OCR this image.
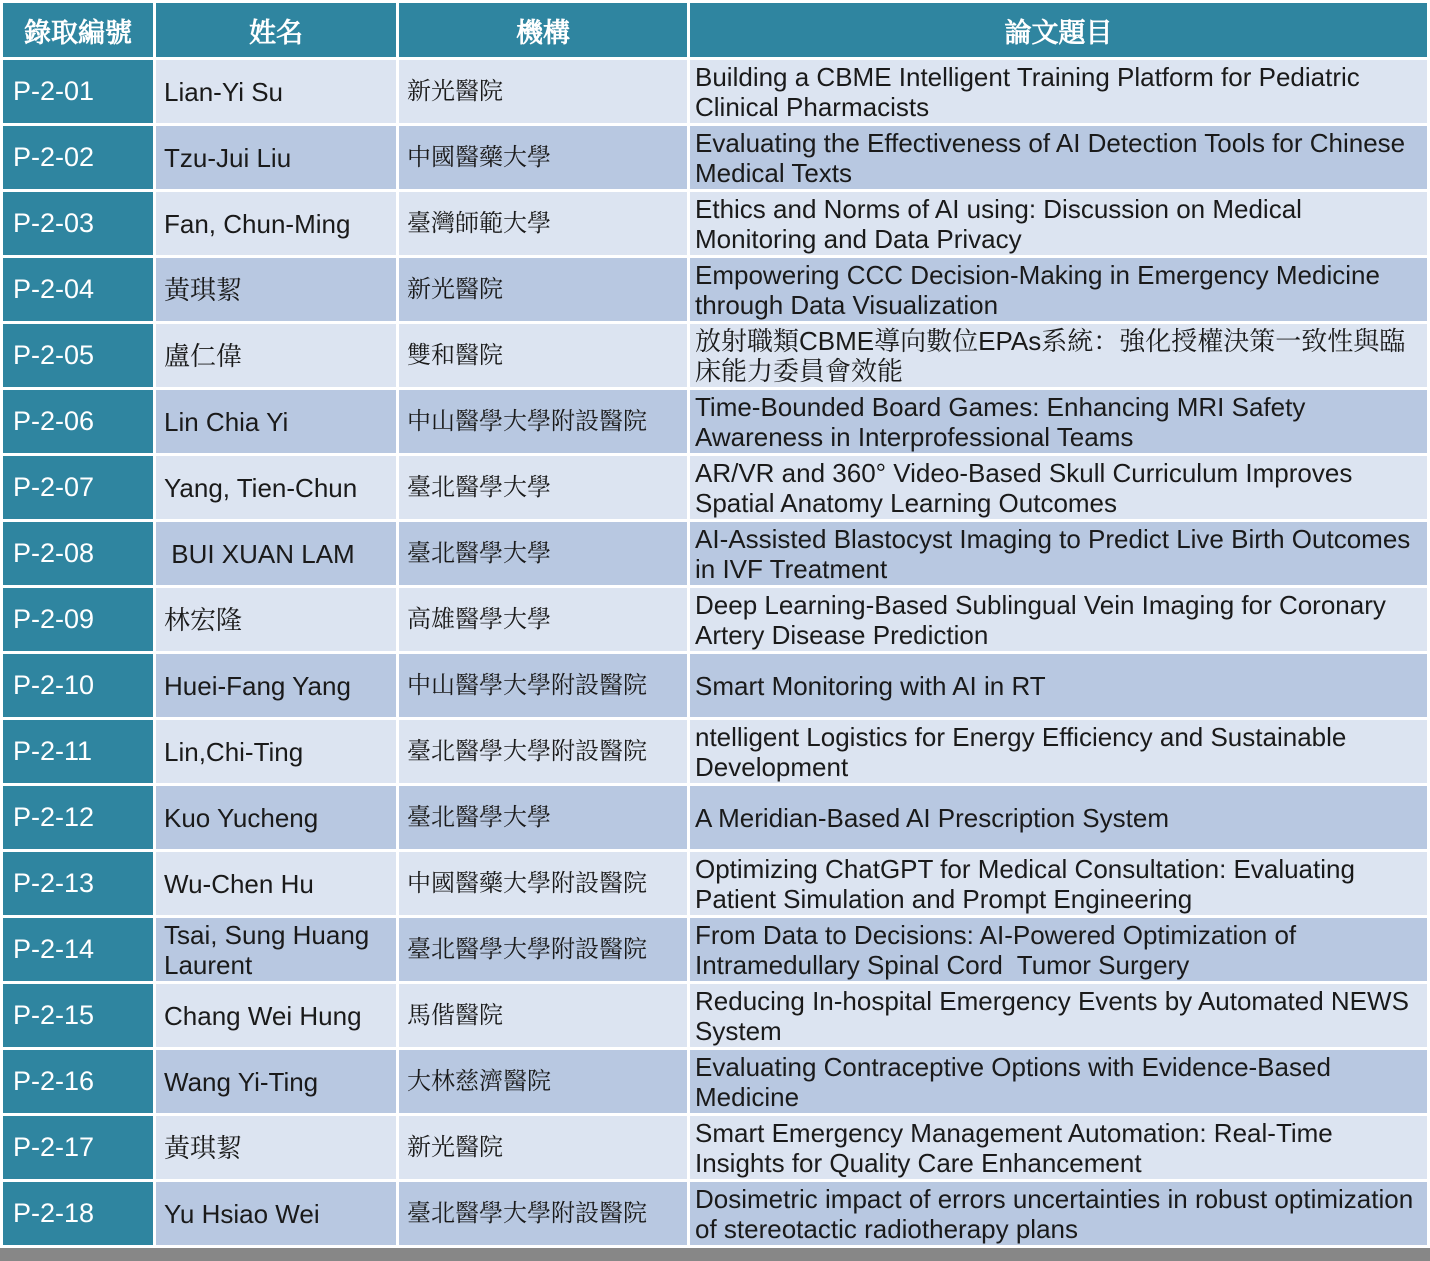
錄取編號	姓名	機構	論文題目
P-2-01	Lian-Yi Su	新光醫院	Building a CBME Intelligent Training Platform for Pediatric Clinical Pharmacists
P-2-02	Tzu-Jui Liu	中國醫藥大學	Evaluating the Effectiveness of AI Detection Tools for Chinese Medical Texts
P-2-03	Fan, Chun-Ming	臺灣師範大學	Ethics and Norms of AI using: Discussion on Medical Monitoring and Data Privacy
P-2-04	黃琪絜	新光醫院	Empowering CCC Decision-Making in Emergency Medicine through Data Visualization
P-2-05	盧仁偉	雙和醫院	放射職類CBME導向數位EPAs系統：強化授權決策一致性與臨床能力委員會效能
P-2-06	Lin Chia Yi	中山醫學大學附設醫院	Time-Bounded Board Games: Enhancing MRI Safety Awareness in Interprofessional Teams
P-2-07	Yang, Tien-Chun	臺北醫學大學	AR/VR and 360° Video-Based Skull Curriculum Improves Spatial Anatomy Learning Outcomes
P-2-08	BUI XUAN LAM	臺北醫學大學	AI-Assisted Blastocyst Imaging to Predict Live Birth Outcomes in IVF Treatment
P-2-09	林宏隆	高雄醫學大學	Deep Learning-Based Sublingual Vein Imaging for Coronary Artery Disease Prediction
P-2-10	Huei-Fang Yang	中山醫學大學附設醫院	Smart Monitoring with AI in RT
P-2-11	Lin,Chi-Ting	臺北醫學大學附設醫院	ntelligent Logistics for Energy Efficiency and Sustainable Development
P-2-12	Kuo Yucheng	臺北醫學大學	A Meridian-Based AI Prescription System
P-2-13	Wu-Chen Hu	中國醫藥大學附設醫院	Optimizing ChatGPT for Medical Consultation: Evaluating Patient Simulation and Prompt Engineering
P-2-14	Tsai, Sung Huang Laurent	臺北醫學大學附設醫院	From Data to Decisions: AI-Powered Optimization of Intramedullary Spinal Cord  Tumor Surgery
P-2-15	Chang Wei Hung	馬偕醫院	Reducing In-hospital Emergency Events by Automated NEWS System
P-2-16	Wang Yi-Ting	大林慈濟醫院	Evaluating Contraceptive Options with Evidence-Based Medicine
P-2-17	黃琪絜	新光醫院	Smart Emergency Management Automation: Real-Time Insights for Quality Care Enhancement
P-2-18	Yu Hsiao Wei	臺北醫學大學附設醫院	Dosimetric impact of errors uncertainties in robust optimization of stereotactic radiotherapy plans
